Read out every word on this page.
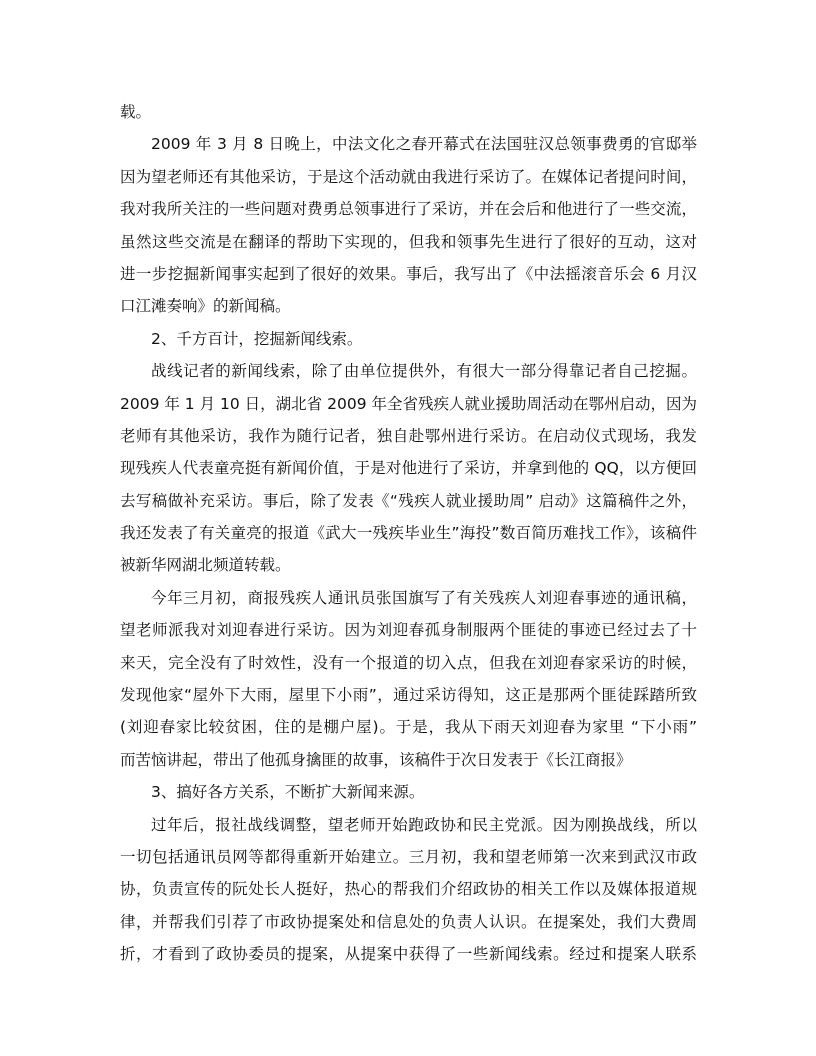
载。
2009 年 3 月 8 日晚上，中法文化之春开幕式在法国驻汉总领事费勇的官邸举
因为望老师还有其他采访，于是这个活动就由我进行采访了。在媒体记者提问时间，
我对我所关注的一些问题对费勇总领事进行了采访，并在会后和他进行了一些交流，
虽然这些交流是在翻译的帮助下实现的，但我和领事先生进行了很好的互动，这对
进一步挖掘新闻事实起到了很好的效果。事后，我写出了《中法摇滚音乐会 6 月汉
口江滩奏响》的新闻稿。
2、千方百计，挖掘新闻线索。
战线记者的新闻线索，除了由单位提供外，有很大一部分得靠记者自己挖掘。
2009 年 1 月 10 日，湖北省 2009 年全省残疾人就业援助周活动在鄂州启动，因为
老师有其他采访，我作为随行记者，独自赴鄂州进行采访。在启动仪式现场，我发
现残疾人代表童亮挺有新闻价值，于是对他进行了采访，并拿到他的 QQ，以方便回
去写稿做补充采访。事后，除了发表《“残疾人就业援助周” 启动》这篇稿件之外，
我还发表了有关童亮的报道《武大一残疾毕业生”海投”数百简历难找工作》，该稿件
被新华网湖北频道转载。
今年三月初，商报残疾人通讯员张国旗写了有关残疾人刘迎春事迹的通讯稿，
望老师派我对刘迎春进行采访。因为刘迎春孤身制服两个匪徒的事迹已经过去了十
来天，完全没有了时效性，没有一个报道的切入点，但我在刘迎春家采访的时候，
发现他家“屋外下大雨，屋里下小雨”，通过采访得知，这正是那两个匪徒踩踏所致
(刘迎春家比较贫困，住的是棚户屋)。于是，我从下雨天刘迎春为家里 “下小雨”
而苦恼讲起，带出了他孤身擒匪的故事，该稿件于次日发表于《长江商报》
3、搞好各方关系，不断扩大新闻来源。
过年后，报社战线调整，望老师开始跑政协和民主党派。因为刚换战线，所以
一切包括通讯员网等都得重新开始建立。三月初，我和望老师第一次来到武汉市政
协，负责宣传的阮处长人挺好，热心的帮我们介绍政协的相关工作以及媒体报道规
律，并帮我们引荐了市政协提案处和信息处的负责人认识。在提案处，我们大费周
折，才看到了政协委员的提案，从提案中获得了一些新闻线索。经过和提案人联系
